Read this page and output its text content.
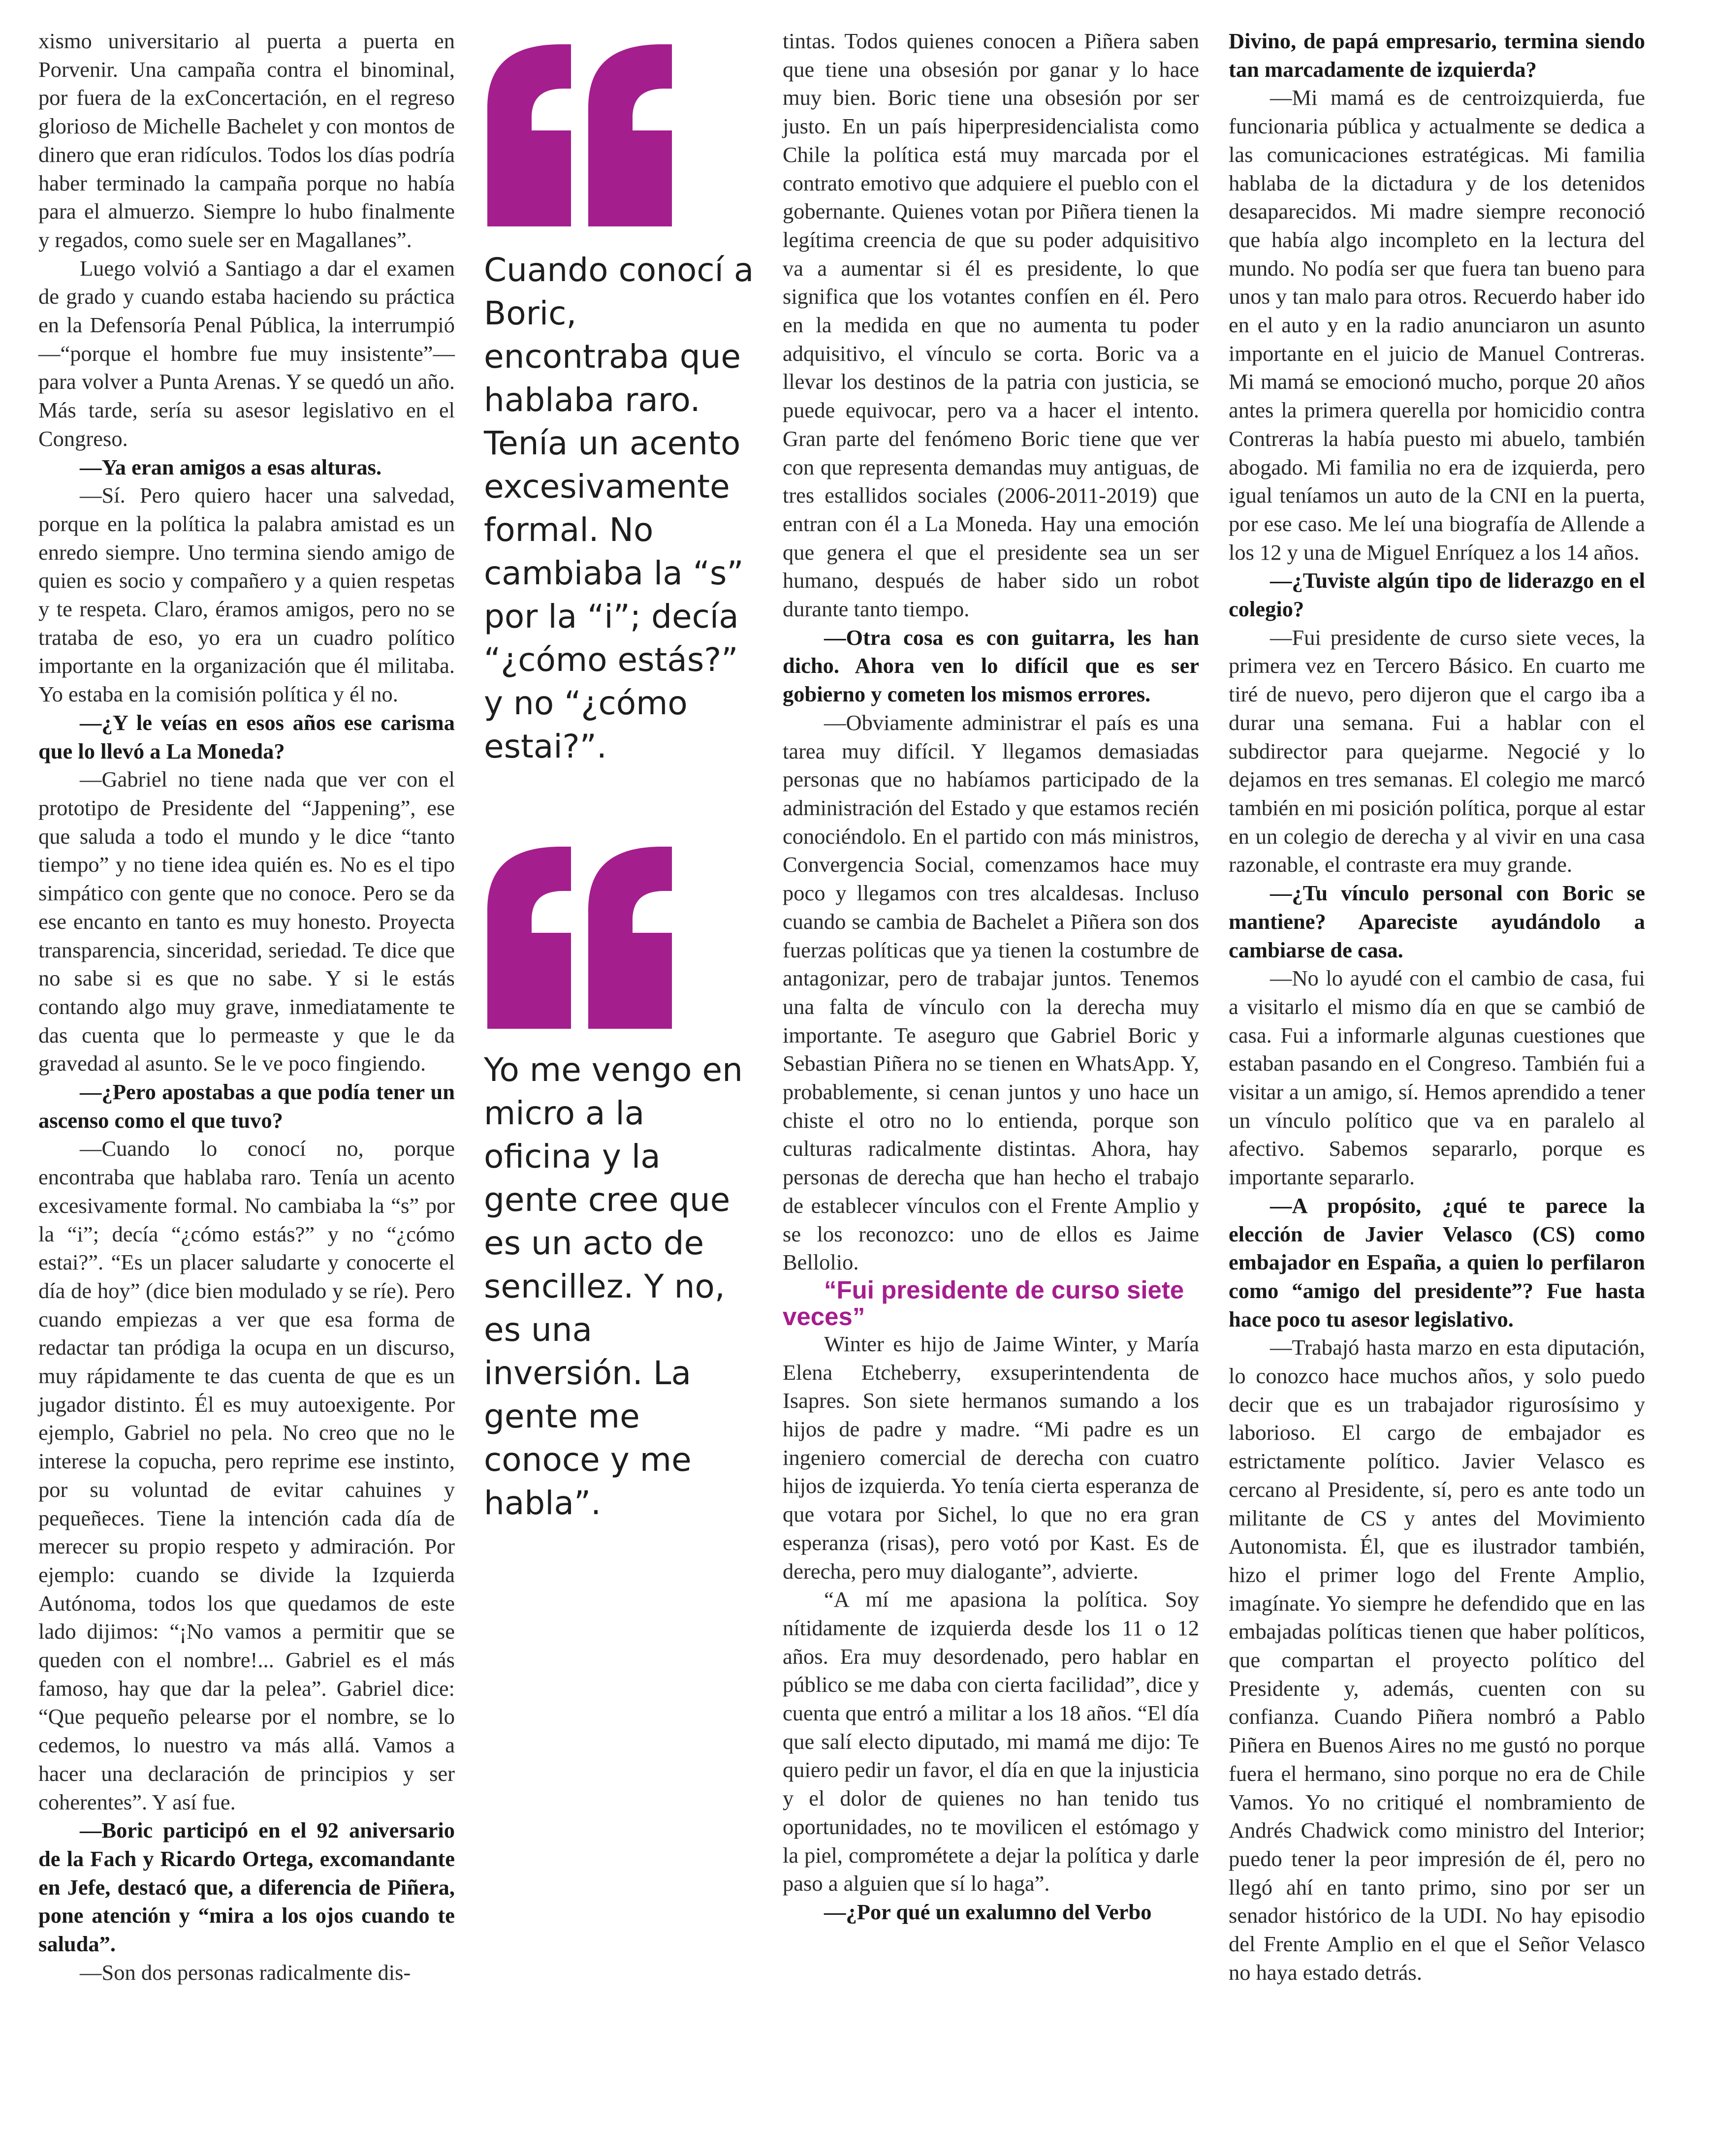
xismo universitario al puerta a puerta en Porvenir. Una campaña contra el binominal, por fuera de la exConcertación, en el regreso glorioso de Michelle Bachelet y con montos de dinero que eran ridículos. Todos los días podría haber terminado la campaña porque no había para el almuerzo. Siempre lo hubo finalmente y regados, como suele ser en Magallanes”.

Luego volvió a Santiago a dar el examen de grado y cuando estaba haciendo su práctica en la Defensoría Penal Pública, la interrumpió —“porque el hombre fue muy insistente”— para volver a Punta Arenas. Y se quedó un año. Más tarde, sería su asesor legislativo en el Congreso.

—Ya eran amigos a esas alturas.

—Sí. Pero quiero hacer una salvedad, porque en la política la palabra amistad es un enredo siempre. Uno termina siendo amigo de quien es socio y compañero y a quien respetas y te respeta. Claro, éramos amigos, pero no se trataba de eso, yo era un cuadro político importante en la organización que él militaba. Yo estaba en la comisión política y él no.

—¿Y le veías en esos años ese carisma que lo llevó a La Moneda?

—Gabriel no tiene nada que ver con el prototipo de Presidente del “Jappening”, ese que saluda a todo el mundo y le dice “tanto tiempo” y no tiene idea quién es. No es el tipo simpático con gente que no conoce. Pero se da ese encanto en tanto es muy honesto. Proyecta transparencia, sinceridad, seriedad. Te dice que no sabe si es que no sabe. Y si le estás contando algo muy grave, inmediatamente te das cuenta que lo permeaste y que le da gravedad al asunto. Se le ve poco fingiendo.

—¿Pero apostabas a que podía tener un ascenso como el que tuvo?

—Cuando lo conocí no, porque encontraba que hablaba raro. Tenía un acento excesivamente formal. No cambiaba la “s” por la “i”; decía “¿cómo estás?” y no “¿cómo estai?”. “Es un placer saludarte y conocerte el día de hoy” (dice bien modulado y se ríe). Pero cuando empiezas a ver que esa forma de redactar tan pródiga la ocupa en un discurso, muy rápidamente te das cuenta de que es un jugador distinto. Él es muy autoexigente. Por ejemplo, Gabriel no pela. No creo que no le interese la copucha, pero reprime ese instinto, por su voluntad de evitar cahuines y pequeñeces. Tiene la intención cada día de merecer su propio respeto y admiración. Por ejemplo: cuando se divide la Izquierda Autónoma, todos los que quedamos de este lado dijimos: “¡No vamos a permitir que se queden con el nombre!... Gabriel es el más famoso, hay que dar la pelea”. Gabriel dice: “Que pequeño pelearse por el nombre, se lo cedemos, lo nuestro va más allá. Vamos a hacer una declaración de principios y ser coherentes”. Y así fue.

—Boric participó en el 92 aniversario de la Fach y Ricardo Ortega, excomandante en Jefe, destacó que, a diferencia de Piñera, pone atención y “mira a los ojos cuando te saluda”.

—Son dos personas radicalmente dis-

Cuando conocí a Boric, encontraba que hablaba raro. Tenía un acento excesivamente formal. No cambiaba la “s” por la “i”; decía “¿cómo estás?” y no “¿cómo estai?”.
Yo me vengo en micro a la oficina y la gente cree que es un acto de sencillez. Y no, es una inversión. La gente me conoce y me habla”.

tintas. Todos quienes conocen a Piñera saben que tiene una obsesión por ganar y lo hace muy bien. Boric tiene una obsesión por ser justo. En un país hiperpresidencialista como Chile la política está muy marcada por el contrato emotivo que adquiere el pueblo con el gobernante. Quienes votan por Piñera tienen la legítima creencia de que su poder adquisitivo va a aumentar si él es presidente, lo que significa que los votantes confíen en él. Pero en la medida en que no aumenta tu poder adquisitivo, el vínculo se corta. Boric va a llevar los destinos de la patria con justicia, se puede equivocar, pero va a hacer el intento. Gran parte del fenómeno Boric tiene que ver con que representa demandas muy antiguas, de tres estallidos sociales (2006-2011-2019) que entran con él a La Moneda. Hay una emoción que genera el que el presidente sea un ser humano, después de haber sido un robot durante tanto tiempo.

—Otra cosa es con guitarra, les han dicho. Ahora ven lo difícil que es ser gobierno y cometen los mismos errores.

—Obviamente administrar el país es una tarea muy difícil. Y llegamos demasiadas personas que no habíamos participado de la administración del Estado y que estamos recién conociéndolo. En el partido con más ministros, Convergencia Social, comenzamos hace muy poco y llegamos con tres alcaldesas. Incluso cuando se cambia de Bachelet a Piñera son dos fuerzas políticas que ya tienen la costumbre de antagonizar, pero de trabajar juntos. Tenemos una falta de vínculo con la derecha muy importante. Te aseguro que Gabriel Boric y Sebastian Piñera no se tienen en WhatsApp. Y, probablemente, si cenan juntos y uno hace un chiste el otro no lo entienda, porque son culturas radicalmente distintas. Ahora, hay personas de derecha que han hecho el trabajo de establecer vínculos con el Frente Amplio y se los reconozco: uno de ellos es Jaime Bellolio.

“Fui presidente de curso siete veces”

Winter es hijo de Jaime Winter, y María Elena Etcheberry, exsuperintendenta de Isapres. Son siete hermanos sumando a los hijos de padre y madre. “Mi padre es un ingeniero comercial de derecha con cuatro hijos de izquierda. Yo tenía cierta esperanza de que votara por Sichel, lo que no era gran esperanza (risas), pero votó por Kast. Es de derecha, pero muy dialogante”, advierte.

“A mí me apasiona la política. Soy nítidamente de izquierda desde los 11 o 12 años. Era muy desordenado, pero hablar en público se me daba con cierta facilidad”, dice y cuenta que entró a militar a los 18 años. “El día que salí electo diputado, mi mamá me dijo: Te quiero pedir un favor, el día en que la injusticia y el dolor de quienes no han tenido tus oportunidades, no te movilicen el estómago y la piel, comprométete a dejar la política y darle paso a alguien que sí lo haga”.

—¿Por qué un exalumno del Verbo

Divino, de papá empresario, termina siendo tan marcadamente de izquierda?

—Mi mamá es de centroizquierda, fue funcionaria pública y actualmente se dedica a las comunicaciones estratégicas. Mi familia hablaba de la dictadura y de los detenidos desaparecidos. Mi madre siempre reconoció que había algo incompleto en la lectura del mundo. No podía ser que fuera tan bueno para unos y tan malo para otros. Recuerdo haber ido en el auto y en la radio anunciaron un asunto importante en el juicio de Manuel Contreras. Mi mamá se emocionó mucho, porque 20 años antes la primera querella por homicidio contra Contreras la había puesto mi abuelo, también abogado. Mi familia no era de izquierda, pero igual teníamos un auto de la CNI en la puerta, por ese caso. Me leí una biografía de Allende a los 12 y una de Miguel Enríquez a los 14 años.

—¿Tuviste algún tipo de liderazgo en el colegio?

—Fui presidente de curso siete veces, la primera vez en Tercero Básico. En cuarto me tiré de nuevo, pero dijeron que el cargo iba a durar una semana. Fui a hablar con el subdirector para quejarme. Negocié y lo dejamos en tres semanas. El colegio me marcó también en mi posición política, porque al estar en un colegio de derecha y al vivir en una casa razonable, el contraste era muy grande.

—¿Tu vínculo personal con Boric se mantiene? Apareciste ayudándolo a cambiarse de casa.

—No lo ayudé con el cambio de casa, fui a visitarlo el mismo día en que se cambió de casa. Fui a informarle algunas cuestiones que estaban pasando en el Congreso. También fui a visitar a un amigo, sí. Hemos aprendido a tener un vínculo político que va en paralelo al afectivo. Sabemos separarlo, porque es importante separarlo.

—A propósito, ¿qué te parece la elección de Javier Velasco (CS) como embajador en España, a quien lo perfilaron como “amigo del presidente”? Fue hasta hace poco tu asesor legislativo.

—Trabajó hasta marzo en esta diputación, lo conozco hace muchos años, y solo puedo decir que es un trabajador rigurosísimo y laborioso. El cargo de embajador es estrictamente político. Javier Velasco es cercano al Presidente, sí, pero es ante todo un militante de CS y antes del Movimiento Autonomista. Él, que es ilustrador también, hizo el primer logo del Frente Amplio, imagínate. Yo siempre he defendido que en las embajadas políticas tienen que haber políticos, que compartan el proyecto político del Presidente y, además, cuenten con su confianza. Cuando Piñera nombró a Pablo Piñera en Buenos Aires no me gustó no porque fuera el hermano, sino porque no era de Chile Vamos. Yo no critiqué el nombramiento de Andrés Chadwick como ministro del Interior; puedo tener la peor impresión de él, pero no llegó ahí en tanto primo, sino por ser un senador histórico de la UDI. No hay episodio del Frente Amplio en el que el Señor Velasco no haya estado detrás.
